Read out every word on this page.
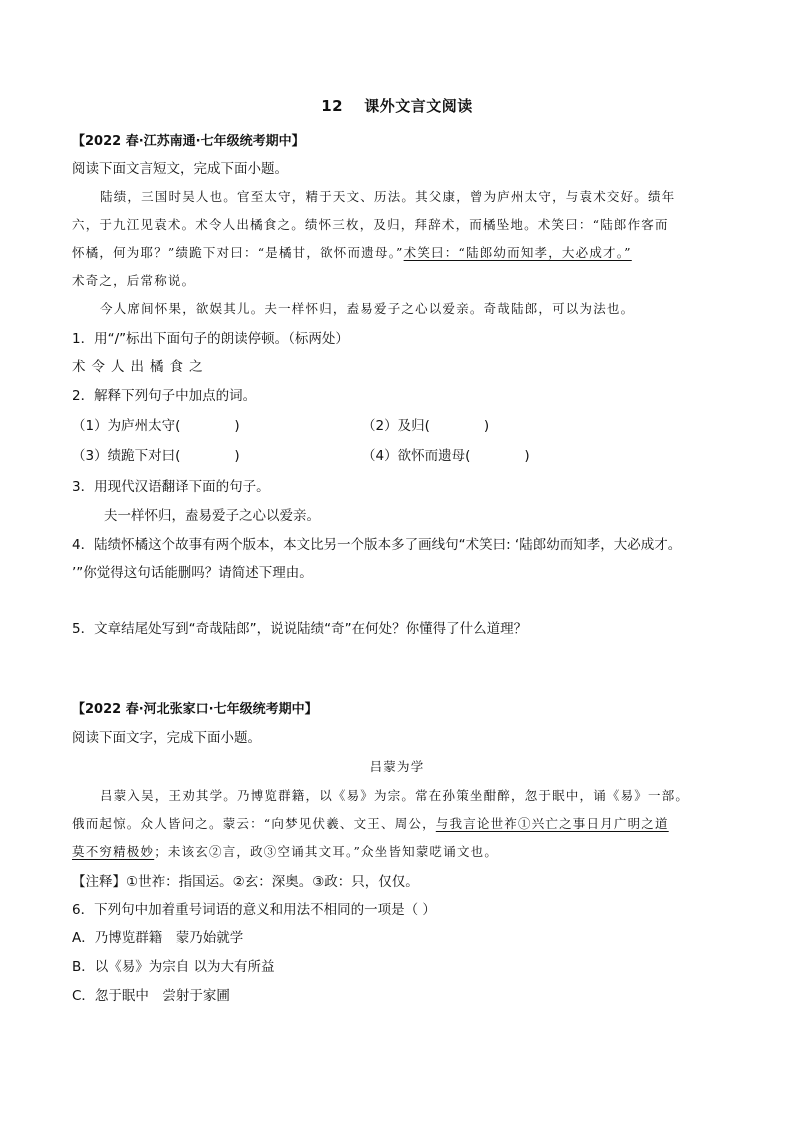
12　 课外文言文阅读
【2022 春·江苏南通·七年级统考期中】
阅读下面文言短文，完成下面小题。
陆绩，三国时吴人也。官至太守，精于天文、历法。其父康，曾为庐州太守，与袁术交好。绩年
六，于九江见袁术。术令人出橘食之。绩怀三枚，及归，拜辞术，而橘坠地。术笑曰：“陆郎作客而
怀橘，何为耶？”绩跪下对曰：“是橘甘，欲怀而遗母。”术笑曰：“陆郎幼而知孝，大必成才。”
术奇之，后常称说。
今人席间怀果，欲娱其儿。夫一样怀归，盍易爱子之心以爱亲。奇哉陆郎，可以为法也。
1．用“/”标出下面句子的朗读停顿。（标两处）
术令人出橘食之
2．解释下列句子中加点的词。
（1）为庐州太守(　　　　)	（2）及归(　　　　)
（3）绩跪下对曰(　　　　)	（4）欲怀而遗母(　　　　)
3．用现代汉语翻译下面的句子。
夫一样怀归，盍易爱子之心以爱亲。
4．陆绩怀橘这个故事有两个版本，本文比另一个版本多了画线句“术笑曰: ‘陆郎幼而知孝，大必成才。
’”你觉得这句话能删吗？请简述下理由。
5．文章结尾处写到“奇哉陆郎”，说说陆绩“奇”在何处？你懂得了什么道理？
【2022 春·河北张家口·七年级统考期中】
阅读下面文字，完成下面小题。
吕蒙为学
吕蒙入吴，王劝其学。乃博览群籍，以《易》为宗。常在孙策坐酣醉，忽于眠中，诵《易》一部。
俄而起惊。众人皆问之。蒙云：“向梦见伏羲、文王、周公，与我言论世祚①兴亡之事日月广明之道
莫不穷精极妙；未该玄②言，政③空诵其文耳。”众坐皆知蒙呓诵文也。
【注释】①世祚：指国运。②玄：深奥。③政：只，仅仅。
6．下列句中加着重号词语的意义和用法不相同的一项是（ ）
A．乃博览群籍　蒙乃始就学
B．以《易》为宗自 以为大有所益
C．忽于眠中　尝射于家圃
